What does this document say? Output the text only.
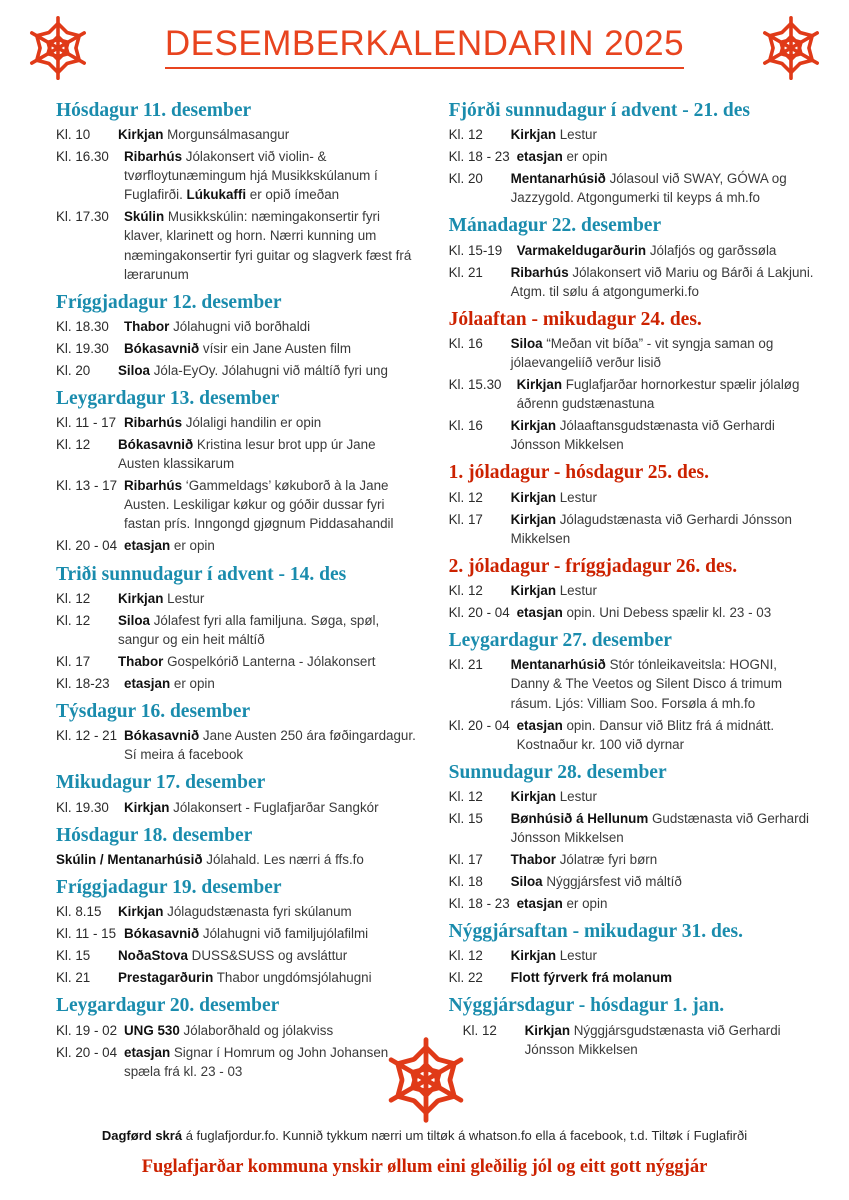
DESEMBERKALENDARIN 2025
Hósdagur 11. desember
Kl. 10	Kirkjan Morgunsálmasangur
Kl. 16.30	Ribarhús Jólakonsert við violin- & tvørfloytunæmingum hjá Musikkskúlanum í Fuglafirði. Lúkukaffi er opið ímeðan
Kl. 17.30	Skúlin Musikkskúlin: næmingakonsertir fyri klaver, klarinett og horn. Nærri kunning um næmingakonsertir fyri guitar og slagverk fæst frá lærarunum
Fríggjadagur 12. desember
Kl. 18.30	Thabor Jólahugni við borðhaldi
Kl. 19.30	Bókasavnið vísir ein Jane Austen film
Kl. 20	Siloa Jóla-EyOy. Jólahugni við máltíð fyri ung
Leygardagur 13. desember
Kl. 11 - 17 Ribarhús Jólaligi handilin er opin
Kl. 12	Bókasavnið Kristina lesur brot upp úr Jane Austen klassikarum
Kl. 13 - 17 Ribarhús ‘Gammeldags’ køkuborð à la Jane Austen. Leskiligar køkur og góðir dussar fyri fastan prís. Inngongd gjøgnum Piddasahandil
Kl. 20 - 04 etasjan er opin
Triði sunnudagur í advent - 14. des
Kl. 12	Kirkjan Lestur
Kl. 12	Siloa Jólafest fyri alla familjuna. Søga, spøl, sangur og ein heit máltíð
Kl. 17	Thabor Gospelkórið Lanterna - Jólakonsert
Kl. 18-23	etasjan er opin
Týsdagur 16. desember
Kl. 12 - 21 Bókasavnið Jane Austen 250 ára føðingardagur. Sí meira á facebook
Mikudagur 17. desember
Kl. 19.30	Kirkjan Jólakonsert - Fuglafjarðar Sangkór
Hósdagur 18. desember
Skúlin / Mentanarhúsið Jólahald. Les nærri á ffs.fo
Fríggjadagur 19. desember
Kl. 8.15	Kirkjan Jólagudstænasta fyri skúlanum
Kl. 11 - 15 Bókasavnið Jólahugni við familjujólafilmi
Kl. 15	NoðaStova DUSS&SUSS og avsláttur
Kl. 21	Prestagarðurin Thabor ungdómsjólahugni
Leygardagur 20. desember
Kl. 19 - 02 UNG 530 Jólaborðhald og jólakviss
Kl. 20 - 04 etasjan Signar í Homrum og John Johansen spæla frá kl. 23 - 03
Fjórði sunnudagur í advent - 21. des
Kl. 12	Kirkjan Lestur
Kl. 18 - 23 etasjan er opin
Kl. 20	Mentanarhúsið Jólasoul við SWAY, GÓWA og Jazzygold. Atgongumerki til keyps á mh.fo
Mánadagur 22. desember
Kl. 15-19	Varmakeldugarðurin Jólafjós og garðssøla
Kl. 21	Ribarhús Jólakonsert við Mariu og Bárði á Lakjuni. Atgm. til sølu á atgongumerki.fo
Jólaaftan - mikudagur 24. des.
Kl. 16	Siloa “Meðan vit bíða” - vit syngja saman og jólaevangeliíð verður lisið
Kl. 15.30	Kirkjan Fuglafjarðar hornorkestur spælir jólaløg áðrenn gudstænastuna
Kl. 16	Kirkjan Jólaaftansgudstænasta við Gerhardi Jónsson Mikkelsen
1. jóladagur - hósdagur 25. des.
Kl. 12	Kirkjan Lestur
Kl. 17	Kirkjan Jólagudstænasta við Gerhardi Jónsson Mikkelsen
2. jóladagur - fríggjadagur 26. des.
Kl. 12	Kirkjan Lestur
Kl. 20 - 04 etasjan opin. Uni Debess spælir kl. 23 - 03
Leygardagur 27. desember
Kl. 21	Mentanarhúsið Stór tónleikaveitsla: HOGNI, Danny & The Veetos og Silent Disco á trimum rásum. Ljós: Villiam Soo. Forsøla á mh.fo
Kl. 20 - 04 etasjan opin. Dansur við Blitz frá á midnátt. Kostnaður kr. 100 við dyrnar
Sunnudagur 28. desember
Kl. 12	Kirkjan Lestur
Kl. 15	Bønhúsið á Hellunum Gudstænasta við Gerhardi Jónsson Mikkelsen
Kl. 17	Thabor Jólatræ fyri børn
Kl. 18	Siloa Nýggjársfest við máltíð
Kl. 18 - 23 etasjan er opin
Nýggjársaftan - mikudagur 31. des.
Kl. 12	Kirkjan Lestur
Kl. 22	Flott fýrverk frá molanum
Nýggjársdagur - hósdagur 1. jan.
Kl. 12	Kirkjan Nýggjársgudstænasta við Gerhardi Jónsson Mikkelsen
Dagførd skrá á fuglafjordur.fo. Kunnið tykkum nærri um tiltøk á whatson.fo ella á facebook, t.d. Tiltøk í Fuglafirði
Fuglafjarðar kommuna ynskir øllum eini gleðilig jól og eitt gott nýggjár
